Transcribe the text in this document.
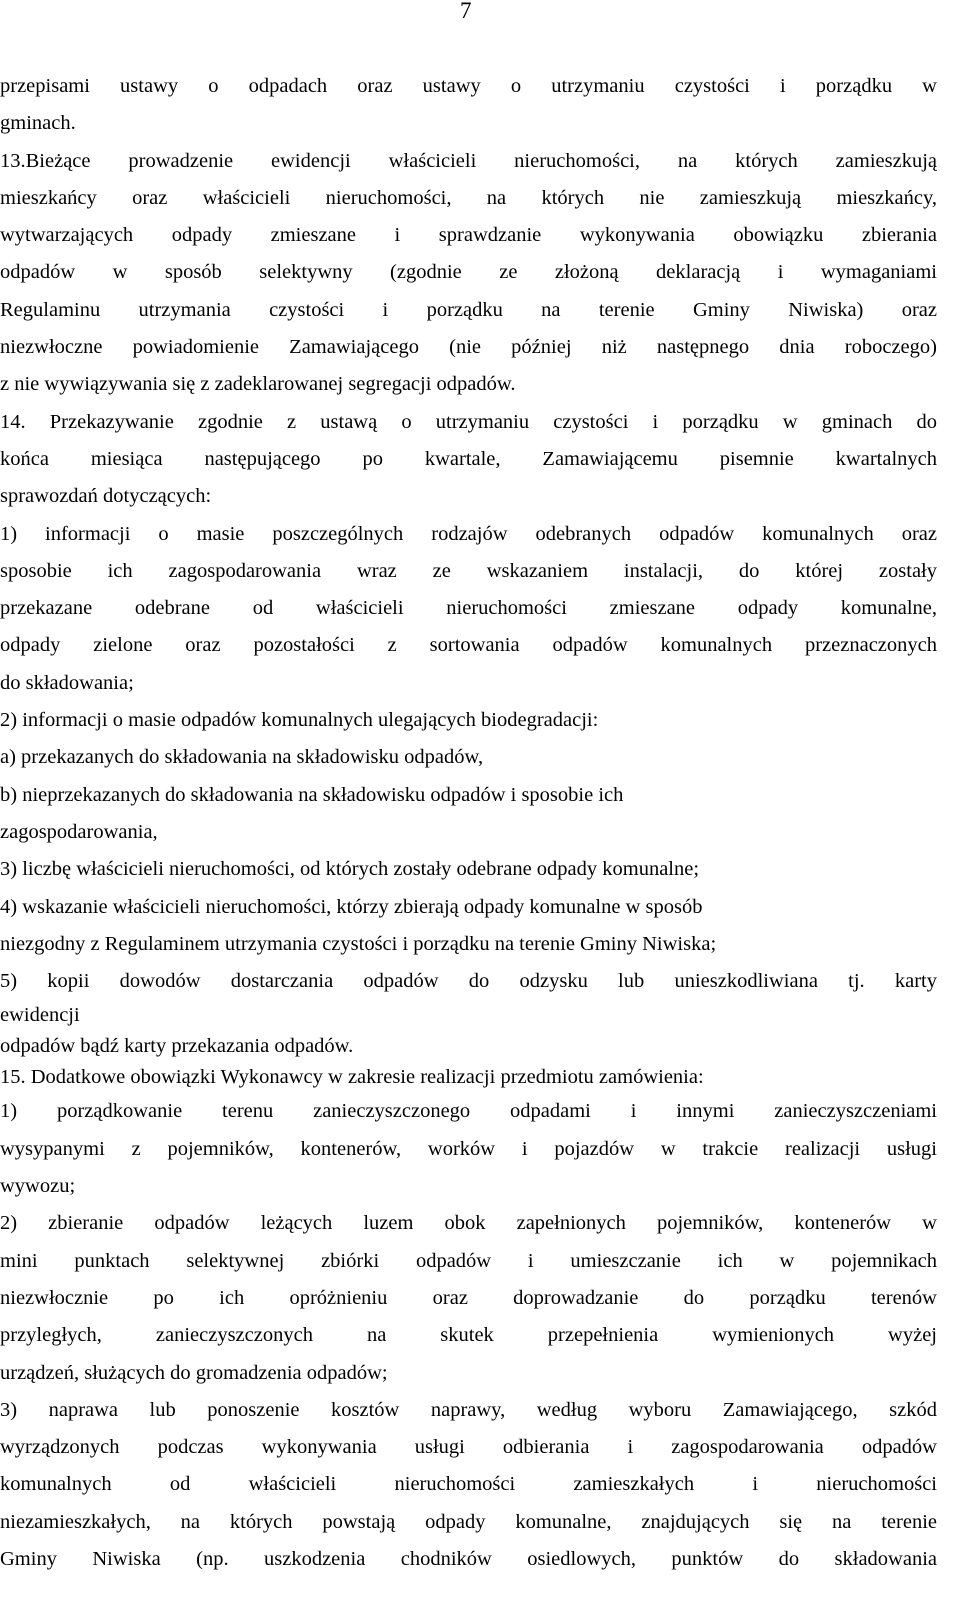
7
przepisami ustawy o odpadach oraz ustawy o utrzymaniu czystości i porządku w
gminach.
13.Bieżące prowadzenie ewidencji właścicieli nieruchomości, na których zamieszkują
mieszkańcy oraz właścicieli nieruchomości, na których nie zamieszkują mieszkańcy,
wytwarzających odpady zmieszane i sprawdzanie wykonywania obowiązku zbierania
odpadów w sposób selektywny (zgodnie ze złożoną deklaracją i wymaganiami
Regulaminu utrzymania czystości i porządku na terenie Gminy Niwiska) oraz
niezwłoczne powiadomienie Zamawiającego (nie później niż następnego dnia roboczego)
z nie wywiązywania się z zadeklarowanej segregacji odpadów.
14. Przekazywanie zgodnie z ustawą o utrzymaniu czystości i porządku w gminach do
końca miesiąca następującego po kwartale, Zamawiającemu pisemnie kwartalnych
sprawozdań dotyczących:
1) informacji o masie poszczególnych rodzajów odebranych odpadów komunalnych oraz
sposobie ich zagospodarowania wraz ze wskazaniem instalacji, do której zostały
przekazane odebrane od właścicieli nieruchomości zmieszane odpady komunalne,
odpady zielone oraz pozostałości z sortowania odpadów komunalnych przeznaczonych
do składowania;
2) informacji o masie odpadów komunalnych ulegających biodegradacji:
a) przekazanych do składowania na składowisku odpadów,
b) nieprzekazanych do składowania na składowisku odpadów i sposobie ich
zagospodarowania,
3) liczbę właścicieli nieruchomości, od których zostały odebrane odpady komunalne;
4) wskazanie właścicieli nieruchomości, którzy zbierają odpady komunalne w sposób
niezgodny z Regulaminem utrzymania czystości i porządku na terenie Gminy Niwiska;
5) kopii dowodów dostarczania odpadów do odzysku lub unieszkodliwiana tj. karty
ewidencji
odpadów bądź karty przekazania odpadów.
15. Dodatkowe obowiązki Wykonawcy w zakresie realizacji przedmiotu zamówienia:
1) porządkowanie terenu zanieczyszczonego odpadami i innymi zanieczyszczeniami
wysypanymi z pojemników, kontenerów, worków i pojazdów w trakcie realizacji usługi
wywozu;
2) zbieranie odpadów leżących luzem obok zapełnionych pojemników, kontenerów w
mini punktach selektywnej zbiórki odpadów i umieszczanie ich w pojemnikach
niezwłocznie po ich opróżnieniu oraz doprowadzanie do porządku terenów
przyległych, zanieczyszczonych na skutek przepełnienia wymienionych wyżej
urządzeń, służących do gromadzenia odpadów;
3) naprawa lub ponoszenie kosztów naprawy, według wyboru Zamawiającego, szkód
wyrządzonych podczas wykonywania usługi odbierania i zagospodarowania odpadów
komunalnych od właścicieli nieruchomości zamieszkałych i nieruchomości
niezamieszkałych, na których powstają odpady komunalne, znajdujących się na terenie
Gminy Niwiska (np. uszkodzenia chodników osiedlowych, punktów do składowania
